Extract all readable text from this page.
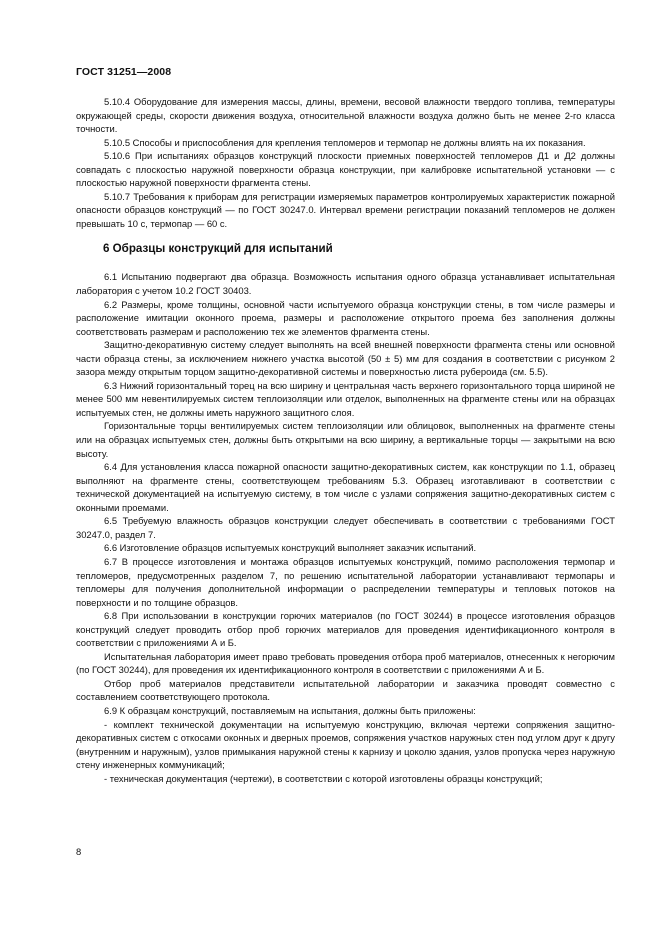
ГОСТ 31251—2008

5.10.4 Оборудование для измерения массы, длины, времени, весовой влажности твердого топлива, температуры окружающей среды, скорости движения воздуха, относительной влажности воздуха должно быть не менее 2-го класса точности.

5.10.5 Способы и приспособления для крепления тепломеров и термопар не должны влиять на их показания.

5.10.6 При испытаниях образцов конструкций плоскости приемных поверхностей тепломеров Д1 и Д2 должны совпадать с плоскостью наружной поверхности образца конструкции, при калибровке испытательной установки — с плоскостью наружной поверхности фрагмента стены.

5.10.7 Требования к приборам для регистрации измеряемых параметров контролируемых характеристик пожарной опасности образцов конструкций — по ГОСТ 30247.0. Интервал времени регистрации показаний тепломеров не должен превышать 10 с, термопар — 60 с.

6 Образцы конструкций для испытаний

6.1 Испытанию подвергают два образца. Возможность испытания одного образца устанавливает испытательная лаборатория с учетом 10.2 ГОСТ 30403.

6.2 Размеры, кроме толщины, основной части испытуемого образца конструкции стены, в том числе размеры и расположение имитации оконного проема, размеры и расположение открытого проема без заполнения должны соответствовать размерам и расположению тех же элементов фрагмента стены.

Защитно-декоративную систему следует выполнять на всей внешней поверхности фрагмента стены или основной части образца стены, за исключением нижнего участка высотой (50 ± 5) мм для создания в соответствии с рисунком 2 зазора между открытым торцом защитно-декоративной системы и поверхностью листа рубероида (см. 5.5).

6.3 Нижний горизонтальный торец на всю ширину и центральная часть верхнего горизонтального торца шириной не менее 500 мм невентилируемых систем теплоизоляции или отделок, выполненных на фрагменте стены или на образцах испытуемых стен, не должны иметь наружного защитного слоя.

Горизонтальные торцы вентилируемых систем теплоизоляции или облицовок, выполненных на фрагменте стены или на образцах испытуемых стен, должны быть открытыми на всю ширину, а вертикальные торцы — закрытыми на всю высоту.

6.4 Для установления класса пожарной опасности защитно-декоративных систем, как конструкции по 1.1, образец выполняют на фрагменте стены, соответствующем требованиям 5.3. Образец изготавливают в соответствии с технической документацией на испытуемую систему, в том числе с узлами сопряжения защитно-декоративных систем с оконными проемами.

6.5 Требуемую влажность образцов конструкции следует обеспечивать в соответствии с требованиями ГОСТ 30247.0, раздел 7.

6.6 Изготовление образцов испытуемых конструкций выполняет заказчик испытаний.

6.7 В процессе изготовления и монтажа образцов испытуемых конструкций, помимо расположения термопар и тепломеров, предусмотренных разделом 7, по решению испытательной лаборатории устанавливают термопары и тепломеры для получения дополнительной информации о распределении температуры и тепловых потоков на поверхности и по толщине образцов.

6.8 При использовании в конструкции горючих материалов (по ГОСТ 30244) в процессе изготовления образцов конструкций следует проводить отбор проб горючих материалов для проведения идентификационного контроля в соответствии с приложениями А и Б.

Испытательная лаборатория имеет право требовать проведения отбора проб материалов, отнесенных к негорючим (по ГОСТ 30244), для проведения их идентификационного контроля в соответствии с приложениями А и Б.

Отбор проб материалов представители испытательной лаборатории и заказчика проводят совместно с составлением соответствующего протокола.

6.9 К образцам конструкций, поставляемым на испытания, должны быть приложены:

- комплект технической документации на испытуемую конструкцию, включая чертежи сопряжения защитно-декоративных систем с откосами оконных и дверных проемов, сопряжения участков наружных стен под углом друг к другу (внутренним и наружным), узлов примыкания наружной стены к карнизу и цоколю здания, узлов пропуска через наружную стену инженерных коммуникаций;

- техническая документация (чертежи), в соответствии с которой изготовлены образцы конструкций;

8
